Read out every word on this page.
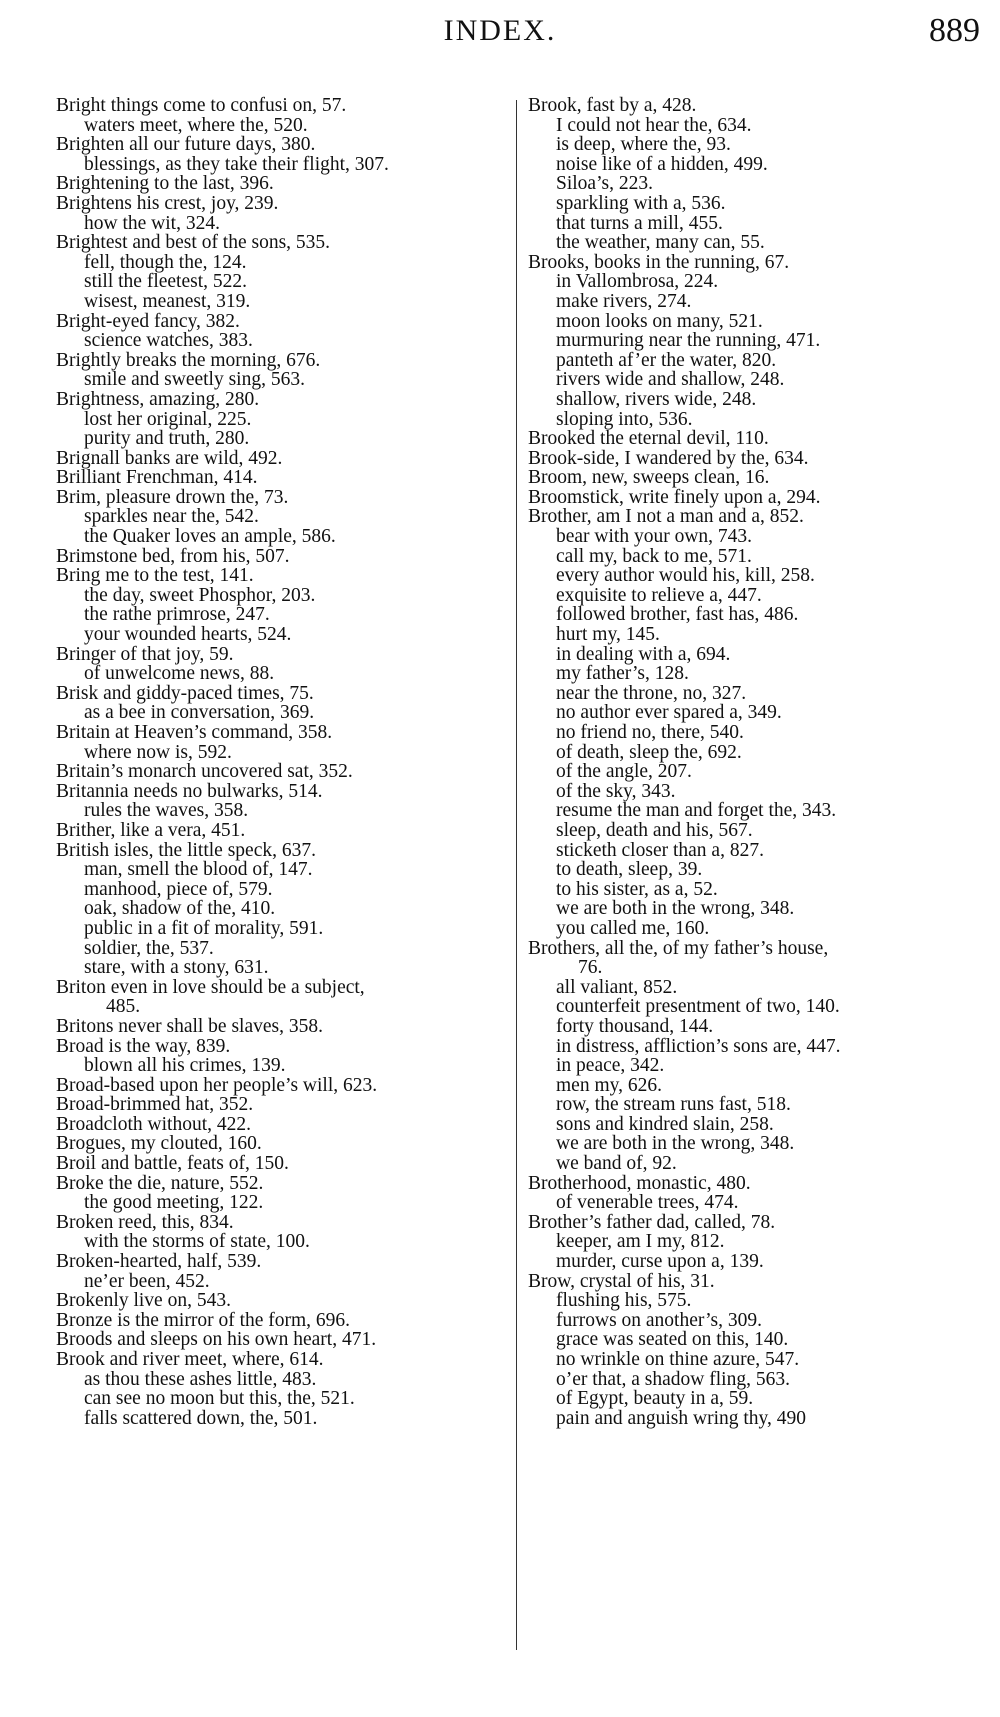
INDEX.	889
Bright things come to confusi on, 57.
waters meet, where the, 520.
Brighten all our future days, 380.
blessings, as they take their flight, 307.
Brightening to the last, 396.
Brightens his crest, joy, 239.
how the wit, 324.
Brightest and best of the sons, 535.
fell, though the, 124.
still the fleetest, 522.
wisest, meanest, 319.
Bright-eyed fancy, 382.
science watches, 383.
Brightly breaks the morning, 676.
smile and sweetly sing, 563.
Brightness, amazing, 280.
lost her original, 225.
purity and truth, 280.
Brignall banks are wild, 492.
Brilliant Frenchman, 414.
Brim, pleasure drown the, 73.
sparkles near the, 542.
the Quaker loves an ample, 586.
Brimstone bed, from his, 507.
Bring me to the test, 141.
the day, sweet Phosphor, 203.
the rathe primrose, 247.
your wounded hearts, 524.
Bringer of that joy, 59.
of unwelcome news, 88.
Brisk and giddy-paced times, 75.
as a bee in conversation, 369.
Britain at Heaven’s command, 358.
where now is, 592.
Britain’s monarch uncovered sat, 352.
Britannia needs no bulwarks, 514.
rules the waves, 358.
Brither, like a vera, 451.
British isles, the little speck, 637.
man, smell the blood of, 147.
manhood, piece of, 579.
oak, shadow of the, 410.
public in a fit of morality, 591.
soldier, the, 537.
stare, with a stony, 631.
Briton even in love should be a subject,
485.
Britons never shall be slaves, 358.
Broad is the way, 839.
blown all his crimes, 139.
Broad-based upon her people’s will, 623.
Broad-brimmed hat, 352.
Broadcloth without, 422.
Brogues, my clouted, 160.
Broil and battle, feats of, 150.
Broke the die, nature, 552.
the good meeting, 122.
Broken reed, this, 834.
with the storms of state, 100.
Broken-hearted, half, 539.
ne’er been, 452.
Brokenly live on, 543.
Bronze is the mirror of the form, 696.
Broods and sleeps on his own heart, 471.
Brook and river meet, where, 614.
as thou these ashes little, 483.
can see no moon but this, the, 521.
falls scattered down, the, 501.
Brook, fast by a, 428.
I could not hear the, 634.
is deep, where the, 93.
noise like of a hidden, 499.
Siloa’s, 223.
sparkling with a, 536.
that turns a mill, 455.
the weather, many can, 55.
Brooks, books in the running, 67.
in Vallombrosa, 224.
make rivers, 274.
moon looks on many, 521.
murmuring near the running, 471.
panteth af’er the water, 820.
rivers wide and shallow, 248.
shallow, rivers wide, 248.
sloping into, 536.
Brooked the eternal devil, 110.
Brook-side, I wandered by the, 634.
Broom, new, sweeps clean, 16.
Broomstick, write finely upon a, 294.
Brother, am I not a man and a, 852.
bear with your own, 743.
call my, back to me, 571.
every author would his, kill, 258.
exquisite to relieve a, 447.
followed brother, fast has, 486.
hurt my, 145.
in dealing with a, 694.
my father’s, 128.
near the throne, no, 327.
no author ever spared a, 349.
no friend no, there, 540.
of death, sleep the, 692.
of the angle, 207.
of the sky, 343.
resume the man and forget the, 343.
sleep, death and his, 567.
sticketh closer than a, 827.
to death, sleep, 39.
to his sister, as a, 52.
we are both in the wrong, 348.
you called me, 160.
Brothers, all the, of my father’s house,
76.
all valiant, 852.
counterfeit presentment of two, 140.
forty thousand, 144.
in distress, affliction’s sons are, 447.
in peace, 342.
men my, 626.
row, the stream runs fast, 518.
sons and kindred slain, 258.
we are both in the wrong, 348.
we band of, 92.
Brotherhood, monastic, 480.
of venerable trees, 474.
Brother’s father dad, called, 78.
keeper, am I my, 812.
murder, curse upon a, 139.
Brow, crystal of his, 31.
flushing his, 575.
furrows on another’s, 309.
grace was seated on this, 140.
no wrinkle on thine azure, 547.
o’er that, a shadow fling, 563.
of Egypt, beauty in a, 59.
pain and anguish wring thy, 490
